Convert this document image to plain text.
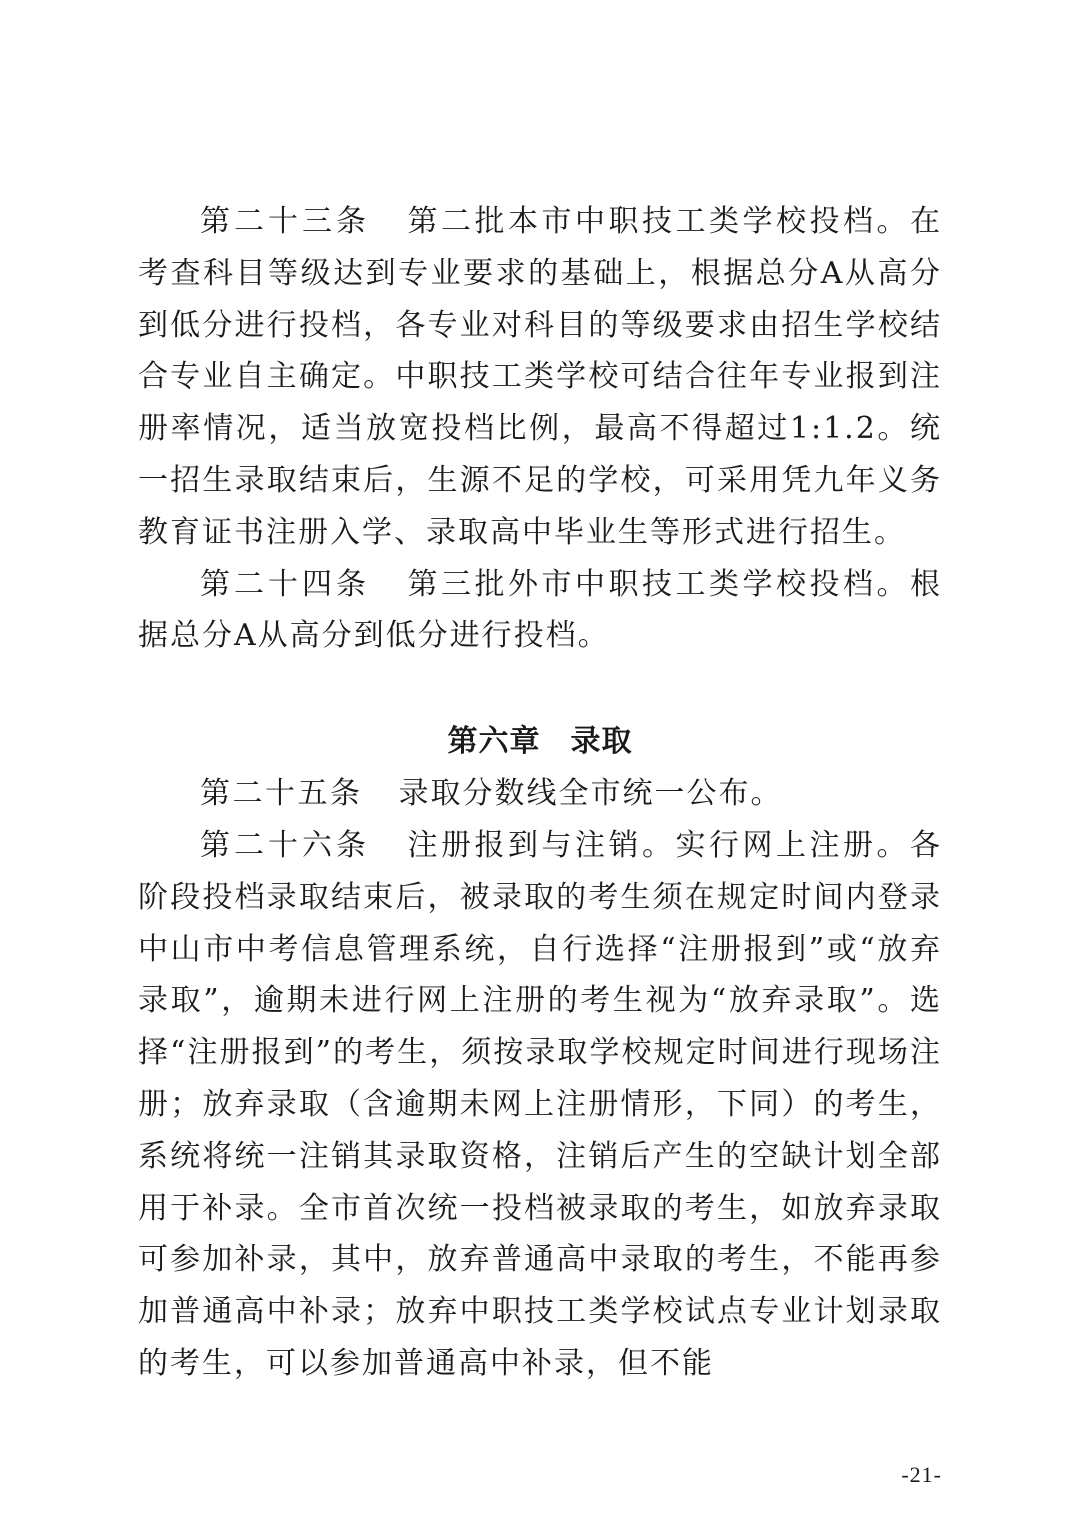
第二十三条 第二批本市中职技工类学校投档。在考查科目等级达到专业要求的基础上，根据总分A从高分到低分进行投档，各专业对科目的等级要求由招生学校结合专业自主确定。中职技工类学校可结合往年专业报到注册率情况，适当放宽投档比例，最高不得超过1:1.2。统一招生录取结束后，生源不足的学校，可采用凭九年义务教育证书注册入学、录取高中毕业生等形式进行招生。

第二十四条 第三批外市中职技工类学校投档。根据总分A从高分到低分进行投档。

第六章 录取

第二十五条 录取分数线全市统一公布。

第二十六条 注册报到与注销。实行网上注册。各阶段投档录取结束后，被录取的考生须在规定时间内登录中山市中考信息管理系统，自行选择“注册报到”或“放弃录取”，逾期未进行网上注册的考生视为“放弃录取”。选择“注册报到”的考生，须按录取学校规定时间进行现场注册；放弃录取（含逾期未网上注册情形，下同）的考生，系统将统一注销其录取资格，注销后产生的空缺计划全部用于补录。全市首次统一投档被录取的考生，如放弃录取可参加补录，其中，放弃普通高中录取的考生，不能再参加普通高中补录；放弃中职技工类学校试点专业计划录取的考生，可以参加普通高中补录，但不能

-21-
